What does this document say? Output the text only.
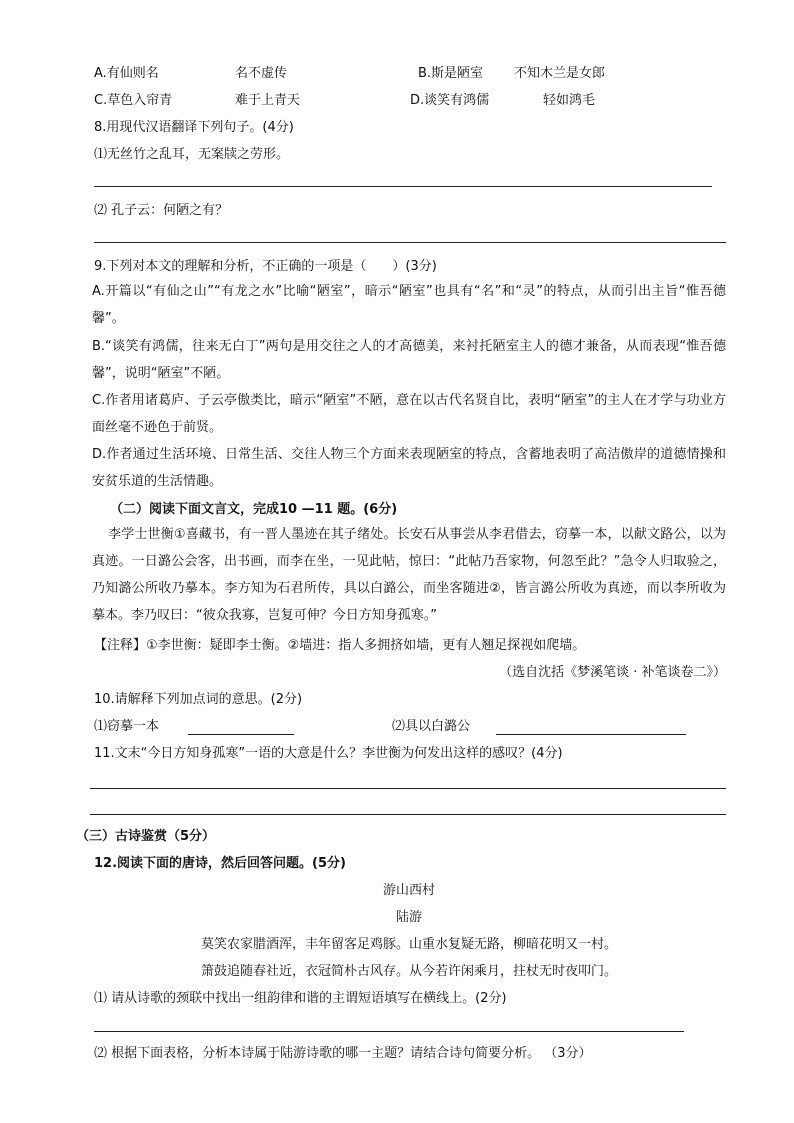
A.有仙则名	名不虚传	B.斯是陋室 不知木兰是女郎
C.草色入帘青	难于上青天	D.谈笑有鸿儒	轻如鸿毛
8.用现代汉语翻译下列句子。(4分)
⑴无丝竹之乱耳，无案牍之劳形。
⑵ 孔子云：何陋之有？
9.下列对本文的理解和分析，不正确的一项是（　　）(3分)
A.开篇以“有仙之山”“有龙之水”比喻“陋室”，暗示“陋室”也具有“名”和“灵”的特点，从而引出主旨“惟吾德馨”。
B.“谈笑有鸿儒，往来无白丁”两句是用交往之人的才高德美，来衬托陋室主人的德才兼备，从而表现“惟吾德馨”，说明“陋室”不陋。
C.作者用诸葛庐、子云亭傲类比，暗示“陋室”不陋，意在以古代名贤自比，表明“陋室”的主人在才学与功业方面丝毫不逊色于前贤。
D.作者通过生活环境、日常生活、交往人物三个方面来表现陋室的特点，含蓄地表明了高洁傲岸的道德情操和安贫乐道的生活情趣。
（二）阅读下面文言文，完成10 —11 题。(6分)
李学士世衡①喜藏书，有一晋人墨迹在其子绪处。长安石从事尝从李君借去，窃摹一本，以献文路公，以为真迹。一日潞公会客，出书画，而李在坐，一见此帖，惊曰：“此帖乃吾家物，何忽至此？”急令人归取验之，乃知潞公所收乃摹本。李方知为石君所传，具以白潞公，而坐客随进②，皆言潞公所收为真迹，而以李所收为摹本。李乃叹曰：“彼众我寡，岂复可伸？今日方知身孤寒。”
【注释】①李世衡：疑即李士衡。②墙进：指人多拥挤如墙，更有人翘足探视如爬墙。
（选自沈括《梦溪笔谈 · 补笔谈卷二》）
10.请解释下列加点词的意思。(2分)
⑴窃摹一本	⑵具以白潞公
11.文末“今日方知身孤寒”一语的大意是什么？李世衡为何发出这样的感叹？(4分)
（三）古诗鉴赏（5分）
12.阅读下面的唐诗，然后回答问题。(5分)
游山西村
陆游
莫笑农家腊酒浑，丰年留客足鸡豚。山重水复疑无路，柳暗花明又一村。
箫鼓追随春社近，衣冠简朴古风存。从今若许闲乘月，拄杖无时夜叩门。
⑴ 请从诗歌的颈联中找出一组韵律和谐的主谓短语填写在横线上。(2分)
⑵ 根据下面表格，分析本诗属于陆游诗歌的哪一主题？请结合诗句简要分析。 （3分）
